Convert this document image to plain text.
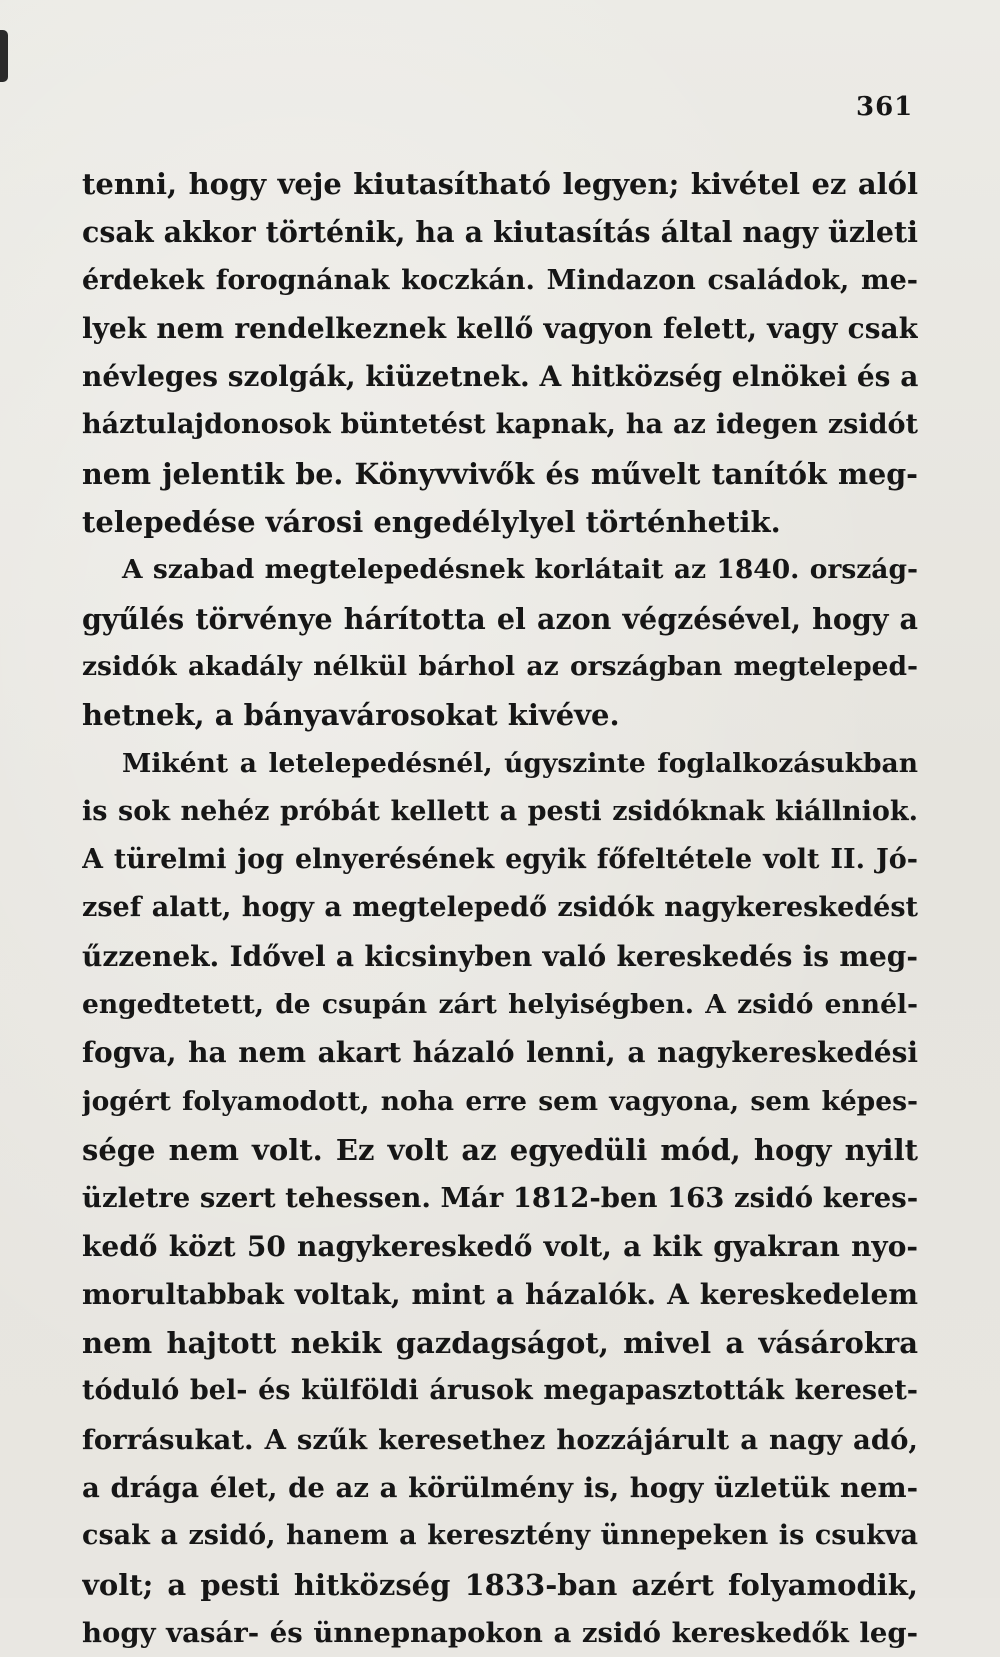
361
tenni, hogy veje kiutasítható legyen; kivétel ez alól
csak akkor történik, ha a kiutasítás által nagy üzleti
érdekek forognának koczkán. Mindazon családok, me-
lyek nem rendelkeznek kellő vagyon felett, vagy csak
névleges szolgák, kiüzetnek. A hitközség elnökei és a
háztulajdonosok büntetést kapnak, ha az idegen zsidót
nem jelentik be. Könyvvivők és művelt tanítók meg-
telepedése városi engedélylyel történhetik.
A szabad megtelepedésnek korlátait az 1840. ország-
gyűlés törvénye hárította el azon végzésével, hogy a
zsidók akadály nélkül bárhol az országban megteleped-
hetnek, a bányavárosokat kivéve.
Miként a letelepedésnél, úgyszinte foglalkozásukban
is sok nehéz próbát kellett a pesti zsidóknak kiállniok.
A türelmi jog elnyerésének egyik főfeltétele volt II. Jó-
zsef alatt, hogy a megtelepedő zsidók nagykereskedést
űzzenek. Idővel a kicsinyben való kereskedés is meg-
engedtetett, de csupán zárt helyiségben. A zsidó ennél-
fogva, ha nem akart házaló lenni, a nagykereskedési
jogért folyamodott, noha erre sem vagyona, sem képes-
sége nem volt. Ez volt az egyedüli mód, hogy nyilt
üzletre szert tehessen. Már 1812-ben 163 zsidó keres-
kedő közt 50 nagykereskedő volt, a kik gyakran nyo-
morultabbak voltak, mint a házalók. A kereskedelem
nem hajtott nekik gazdagságot, mivel a vásárokra
tóduló bel- és külföldi árusok megapasztották kereset-
forrásukat. A szűk keresethez hozzájárult a nagy adó,
a drága élet, de az a körülmény is, hogy üzletük nem-
csak a zsidó, hanem a keresztény ünnepeken is csukva
volt; a pesti hitközség 1833-ban azért folyamodik,
hogy vasár- és ünnepnapokon a zsidó kereskedők leg-
